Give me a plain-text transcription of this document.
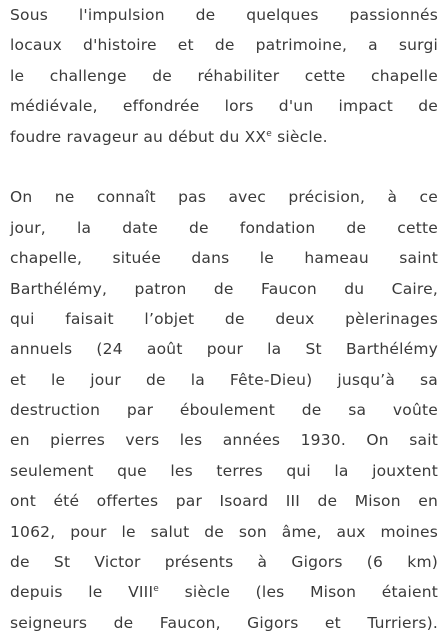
Sous l'impulsion de quelques passionnés
locaux d'histoire et de patrimoine, a surgi
le challenge de réhabiliter cette chapelle
médiévale, effondrée lors d'un impact de
foudre ravageur au début du XXe siècle.
On ne connaît pas avec précision, à ce
jour, la date de fondation de cette
chapelle, située dans le hameau saint
Barthélémy, patron de Faucon du Caire,
qui faisait l’objet de deux pèlerinages
annuels (24 août pour la St Barthélémy
et le jour de la Fête-Dieu) jusqu’à sa
destruction par éboulement de sa voûte
en pierres vers les années 1930. On sait
seulement que les terres qui la jouxtent
ont été offertes par Isoard III de Mison en
1062, pour le salut de son âme, aux moines
de St Victor présents à Gigors (6 km)
depuis le VIIIe siècle (les Mison étaient
seigneurs de Faucon, Gigors et Turriers).
